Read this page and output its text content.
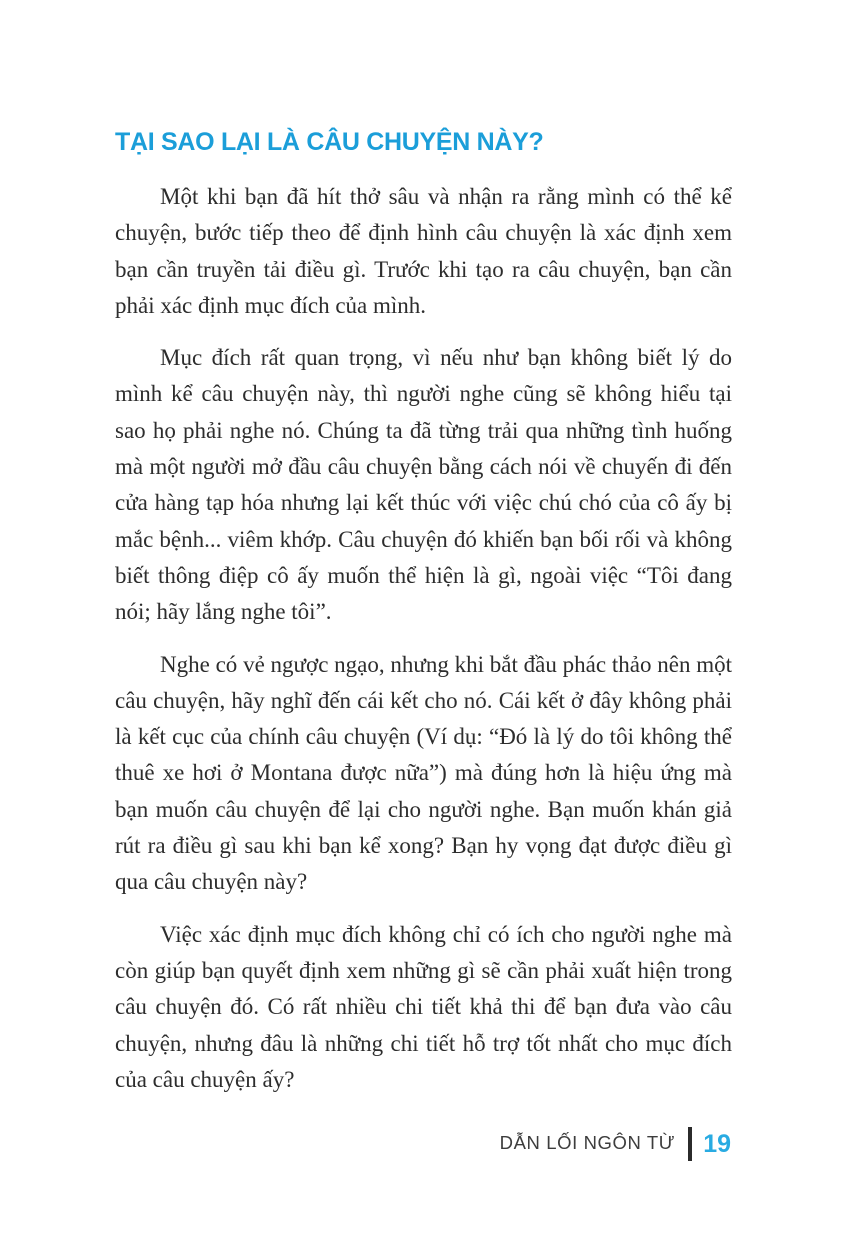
TẠI SAO LẠI LÀ CÂU CHUYỆN NÀY?

Một khi bạn đã hít thở sâu và nhận ra rằng mình có thể kể chuyện, bước tiếp theo để định hình câu chuyện là xác định xem bạn cần truyền tải điều gì. Trước khi tạo ra câu chuyện, bạn cần phải xác định mục đích của mình.

Mục đích rất quan trọng, vì nếu như bạn không biết lý do mình kể câu chuyện này, thì người nghe cũng sẽ không hiểu tại sao họ phải nghe nó. Chúng ta đã từng trải qua những tình huống mà một người mở đầu câu chuyện bằng cách nói về chuyến đi đến cửa hàng tạp hóa nhưng lại kết thúc với việc chú chó của cô ấy bị mắc bệnh... viêm khớp. Câu chuyện đó khiến bạn bối rối và không biết thông điệp cô ấy muốn thể hiện là gì, ngoài việc “Tôi đang nói; hãy lắng nghe tôi”.

Nghe có vẻ ngược ngạo, nhưng khi bắt đầu phác thảo nên một câu chuyện, hãy nghĩ đến cái kết cho nó. Cái kết ở đây không phải là kết cục của chính câu chuyện (Ví dụ: “Đó là lý do tôi không thể thuê xe hơi ở Montana được nữa”) mà đúng hơn là hiệu ứng mà bạn muốn câu chuyện để lại cho người nghe. Bạn muốn khán giả rút ra điều gì sau khi bạn kể xong? Bạn hy vọng đạt được điều gì qua câu chuyện này?

Việc xác định mục đích không chỉ có ích cho người nghe mà còn giúp bạn quyết định xem những gì sẽ cần phải xuất hiện trong câu chuyện đó. Có rất nhiều chi tiết khả thi để bạn đưa vào câu chuyện, nhưng đâu là những chi tiết hỗ trợ tốt nhất cho mục đích của câu chuyện ấy?

DẪN LỐI NGÔN TỪ 19
